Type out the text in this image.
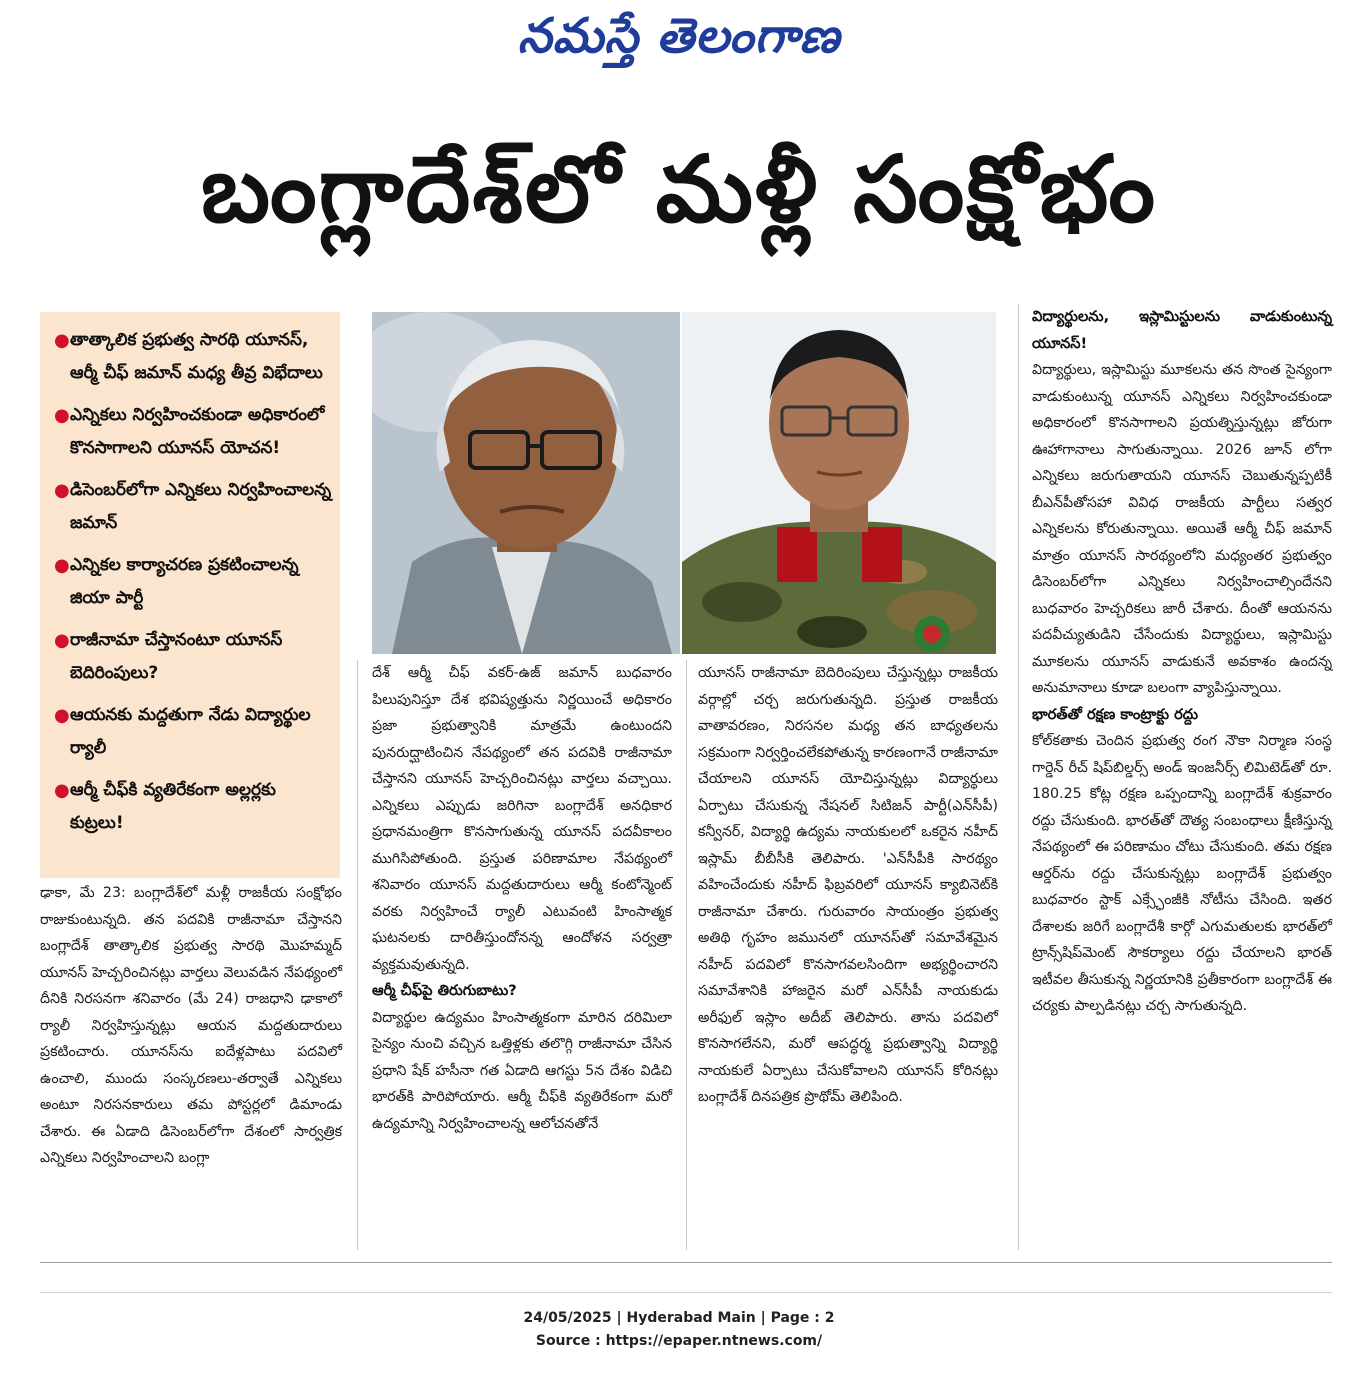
నమస్తే తెలంగాణ
బంగ్లాదేశ్‌లో మళ్లీ సంక్షోభం
● తాత్కాలిక ప్రభుత్వ సారథి యూనస్, ఆర్మీ చీఫ్ జమాన్ మధ్య తీవ్ర విభేదాలు
● ఎన్నికలు నిర్వహించకుండా అధికారంలో కొనసాగాలని యూనస్ యోచన!
● డిసెంబర్‌లోగా ఎన్నికలు నిర్వహించాలన్న జమాన్
● ఎన్నికల కార్యాచరణ ప్రకటించాలన్న జియా పార్టీ
● రాజీనామా చేస్తానంటూ యూనస్ బెదిరింపులు?
● ఆయనకు మద్దతుగా నేడు విద్యార్థుల ర్యాలీ
● ఆర్మీ చీఫ్‌కి వ్యతిరేకంగా అల్లర్లకు కుట్రలు!

ఢాకా, మే 23: బంగ్లాదేశ్‌లో మళ్లీ రాజకీయ సంక్షోభం రాజుకుంటున్నది. తన పదవికి రాజీనామా చేస్తానని బంగ్లాదేశ్ తాత్కాలిక ప్రభుత్వ సారథి మొహమ్మద్ యూనస్ హెచ్చరించినట్లు వార్తలు వెలువడిన నేపథ్యంలో దీనికి నిరసనగా శనివారం (మే 24) రాజధాని ఢాకాలో ర్యాలీ నిర్వహిస్తున్నట్లు ఆయన మద్దతుదారులు ప్రకటించారు. యూనస్‌ను ఐదేళ్లపాటు పదవిలో ఉంచాలి, ముందు సంస్కరణలు-తర్వాతే ఎన్నికలు అంటూ నిరసనకారులు తమ పోస్టర్లలో డిమాండు చేశారు. ఈ ఏడాది డిసెంబర్‌లోగా దేశంలో సార్వత్రిక ఎన్నికలు నిర్వహించాలని బంగ్లా

దేశ్ ఆర్మీ చీఫ్ వకర్-ఉజ్ జమాన్ బుధవారం పిలుపునిస్తూ దేశ భవిష్యత్తును నిర్ణయించే అధికారం ప్రజా ప్రభుత్వానికి మాత్రమే ఉంటుందని పునరుద్ఘాటించిన నేపథ్యంలో తన పదవికి రాజీనామా చేస్తానని యూనస్ హెచ్చరించినట్లు వార్తలు వచ్చాయి. ఎన్నికలు ఎప్పుడు జరిగినా బంగ్లాదేశ్ అనధికార ప్రధానమంత్రిగా కొనసాగుతున్న యూనస్ పదవీకాలం ముగిసిపోతుంది. ప్రస్తుత పరిణామాల నేపథ్యంలో శనివారం యూనస్ మద్దతుదారులు ఆర్మీ కంటోన్మెంట్ వరకు నిర్వహించే ర్యాలీ ఎటువంటి హింసాత్మక ఘటనలకు దారితీస్తుందోనన్న ఆందోళన సర్వత్రా వ్యక్తమవుతున్నది.

ఆర్మీ చీఫ్‌పై తిరుగుబాటు?

విద్యార్థుల ఉద్యమం హింసాత్మకంగా మారిన దరిమిలా సైన్యం నుంచి వచ్చిన ఒత్తిళ్లకు తలొగ్గి రాజీనామా చేసిన ప్రధాని షేక్ హసీనా గత ఏడాది ఆగస్టు 5న దేశం విడిచి భారత్‌కి పారిపోయారు. ఆర్మీ చీఫ్‌కి వ్యతిరేకంగా మరో ఉద్యమాన్ని నిర్వహించాలన్న ఆలోచనతోనే

యూనస్ రాజీనామా బెదిరింపులు చేస్తున్నట్లు రాజకీయ వర్గాల్లో చర్చ జరుగుతున్నది. ప్రస్తుత రాజకీయ వాతావరణం, నిరసనల మధ్య తన బాధ్యతలను సక్రమంగా నిర్వర్తించలేకపోతున్న కారణంగానే రాజీనామా చేయాలని యూనస్ యోచిస్తున్నట్లు విద్యార్థులు ఏర్పాటు చేసుకున్న నేషనల్ సిటిజన్ పార్టీ(ఎన్‌సీపీ) కన్వీనర్, విద్యార్థి ఉద్యమ నాయకులలో ఒకరైన నహీద్ ఇస్లామ్ బీబీసీకి తెలిపారు. 'ఎన్‌సీపీకి సారథ్యం వహించేందుకు నహీద్ ఫిబ్రవరిలో యూనస్ క్యాబినెట్‌కి రాజీనామా చేశారు. గురువారం సాయంత్రం ప్రభుత్వ అతిథి గృహం జమునలో యూనస్‌తో సమావేశమైన నహీద్ పదవిలో కొనసాగవలసిందిగా అభ్యర్థించారని సమావేశానికి హాజరైన మరో ఎన్‌సీపీ నాయకుడు అరీఫుల్ ఇస్లాం అదీబ్ తెలిపారు. తాను పదవిలో కొనసాగలేనని, మరో ఆపద్ధర్మ ప్రభుత్వాన్ని విద్యార్థి నాయకులే ఏర్పాటు చేసుకోవాలని యూనస్ కోరినట్లు బంగ్లాదేశ్ దినపత్రిక ప్రొథోమ్ తెలిపింది.

విద్యార్థులను, ఇస్లామిస్టులను వాడుకుంటున్న యూనస్!

విద్యార్థులు, ఇస్లామిస్టు మూకలను తన సొంత సైన్యంగా వాడుకుంటున్న యూనస్ ఎన్నికలు నిర్వహించకుండా అధికారంలో కొనసాగాలని ప్రయత్నిస్తున్నట్లు జోరుగా ఊహాగానాలు సాగుతున్నాయి. 2026 జూన్ లోగా ఎన్నికలు జరుగుతాయని యూనస్ చెబుతున్నప్పటికీ బీఎన్‌పీతోసహా వివిధ రాజకీయ పార్టీలు సత్వర ఎన్నికలను కోరుతున్నాయి. అయితే ఆర్మీ చీఫ్ జమాన్ మాత్రం యూనస్ సారథ్యంలోని మధ్యంతర ప్రభుత్వం డిసెంబర్‌లోగా ఎన్నికలు నిర్వహించాల్సిందేనని బుధవారం హెచ్చరికలు జారీ చేశారు. దీంతో ఆయనను పదవీచ్యుతుడిని చేసేందుకు విద్యార్థులు, ఇస్లామిస్టు మూకలను యూనస్ వాడుకునే అవకాశం ఉందన్న అనుమానాలు కూడా బలంగా వ్యాపిస్తున్నాయి.

భారత్‌తో రక్షణ కాంట్రాక్టు రద్దు

కోల్‌కతాకు చెందిన ప్రభుత్వ రంగ నౌకా నిర్మాణ సంస్థ గార్డెన్ రీచ్ షిప్‌బిల్డర్స్ అండ్ ఇంజనీర్స్ లిమిటెడ్‌తో రూ. 180.25 కోట్ల రక్షణ ఒప్పందాన్ని బంగ్లాదేశ్ శుక్రవారం రద్దు చేసుకుంది. భారత్‌తో దౌత్య సంబంధాలు క్షీణిస్తున్న నేపథ్యంలో ఈ పరిణామం చోటు చేసుకుంది. తమ రక్షణ ఆర్డర్‌ను రద్దు చేసుకున్నట్లు బంగ్లాదేశ్ ప్రభుత్వం బుధవారం స్టాక్ ఎక్స్ఛేంజీకి నోటీసు చేసింది. ఇతర దేశాలకు జరిగే బంగ్లాదేశీ కార్గో ఎగుమతులకు భారత్‌లో ట్రాన్స్‌షిప్‌మెంట్ సౌకర్యాలు రద్దు చేయాలని భారత్ ఇటీవల తీసుకున్న నిర్ణయానికి ప్రతీకారంగా బంగ్లాదేశ్ ఈ చర్యకు పాల్పడినట్లు చర్చ సాగుతున్నది.

24/05/2025 | Hyderabad Main | Page : 2
Source : https://epaper.ntnews.com/
